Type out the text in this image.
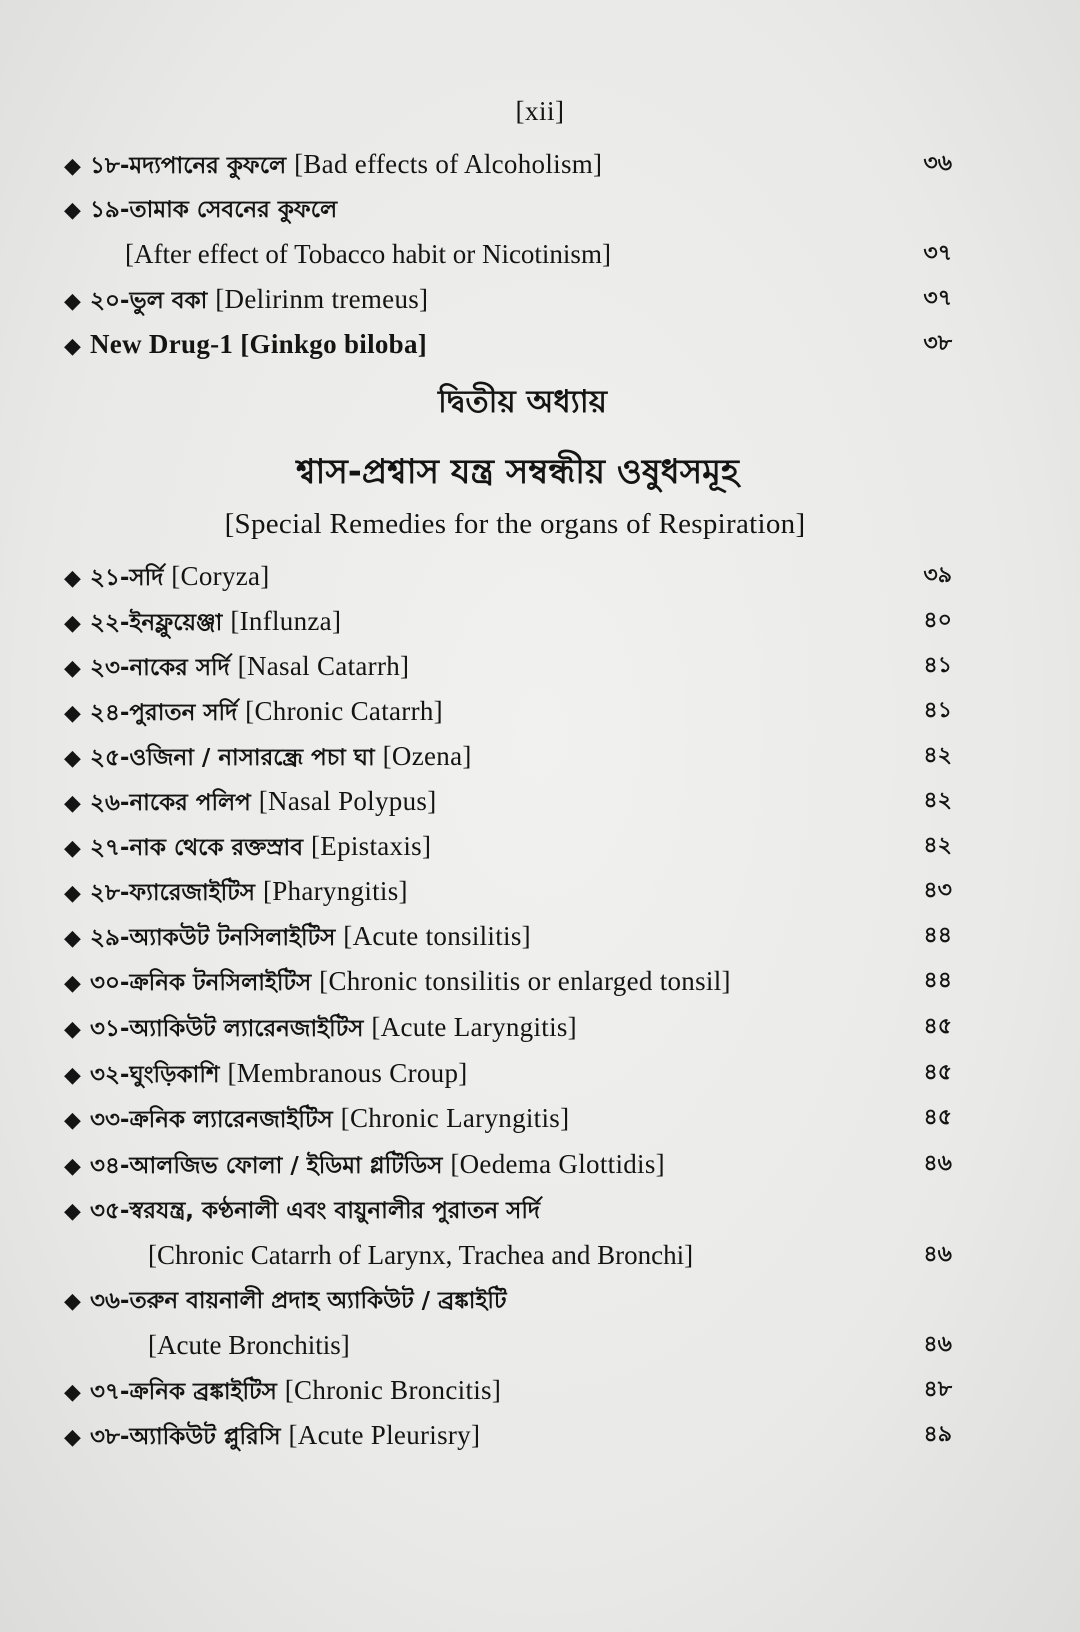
[xii]
◆ ১৮-মদ্যপানের কুফলে [Bad effects of Alcoholism]	৩৬
◆ ১৯-তামাক সেবনের কুফলে
[After effect of Tobacco habit or Nicotinism]	৩৭
◆ ২০-ভুল বকা [Delirinm tremeus]	৩৭
◆ New Drug-1 [Ginkgo biloba]	৩৮
দ্বিতীয় অধ্যায়
শ্বাস-প্রশ্বাস যন্ত্র সম্বন্ধীয় ওষুধসমূহ
[Special Remedies for the organs of Respiration]
◆ ২১-সর্দি [Coryza]	৩৯
◆ ২২-ইনফ্লুয়েঞ্জা [Influnza]	৪০
◆ ২৩-নাকের সর্দি [Nasal Catarrh]	৪১
◆ ২৪-পুরাতন সর্দি [Chronic Catarrh]	৪১
◆ ২৫-ওজিনা / নাসারন্ধ্রে পচা ঘা [Ozena]	৪২
◆ ২৬-নাকের পলিপ [Nasal Polypus]	৪২
◆ ২৭-নাক থেকে রক্তস্রাব [Epistaxis]	৪২
◆ ২৮-ফ্যারেজাইটিস [Pharyngitis]	৪৩
◆ ২৯-অ্যাকউট টনসিলাইটিস [Acute tonsilitis]	৪৪
◆ ৩০-ক্রনিক টনসিলাইটিস [Chronic tonsilitis or enlarged tonsil]	৪৪
◆ ৩১-অ্যাকিউট ল্যারেনজাইটিস [Acute Laryngitis]	৪৫
◆ ৩২-ঘুংড়িকাশি [Membranous Croup]	৪৫
◆ ৩৩-ক্রনিক ল্যারেনজাইটিস [Chronic Laryngitis]	৪৫
◆ ৩৪-আলজিভ ফোলা / ইডিমা গ্লটিডিস [Oedema Glottidis]	৪৬
◆ ৩৫-স্বরযন্ত্র, কণ্ঠনালী এবং বায়ুনালীর পুরাতন সর্দি
[Chronic Catarrh of Larynx, Trachea and Bronchi]	৪৬
◆ ৩৬-তরুন বায়নালী প্রদাহ অ্যাকিউট / ব্রঙ্কাইটি
[Acute Bronchitis]	৪৬
◆ ৩৭-ক্রনিক ব্রঙ্কাইটিস [Chronic Broncitis]	৪৮
◆ ৩৮-অ্যাকিউট প্লুরিসি [Acute Pleurisry]	৪৯
